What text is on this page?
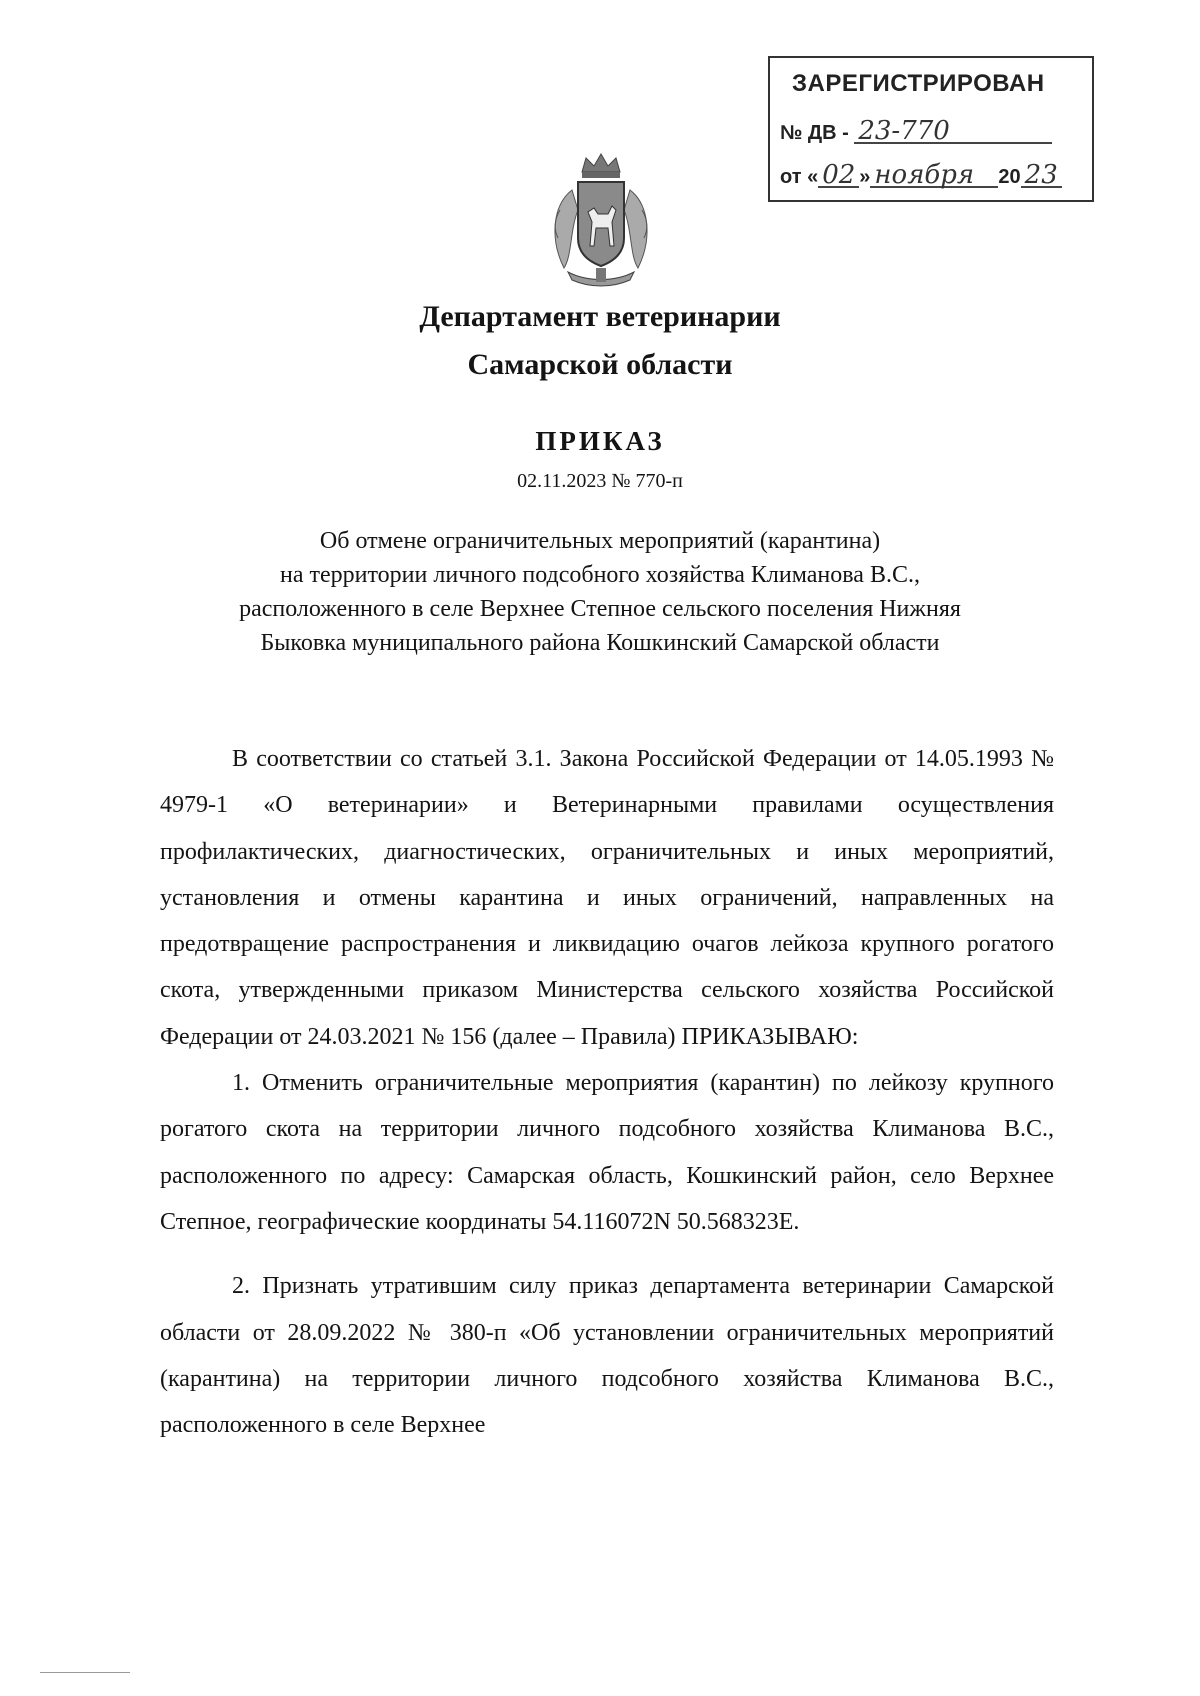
ЗАРЕГИСТРИРОВАН
№ ДВ - 23-770
от « 02 » ноября 20 23
Департамент ветеринарии
Самарской области
ПРИКАЗ
02.11.2023 № 770-п
Об отмене ограничительных мероприятий (карантина)
на территории личного подсобного хозяйства Климанова В.С.,
расположенного в селе Верхнее Степное сельского поселения Нижняя
Быковка муниципального района Кошкинский Самарской области

В соответствии со статьей 3.1. Закона Российской Федерации от 14.05.1993 № 4979-1 «О ветеринарии» и Ветеринарными правилами осуществления профилактических, диагностических, ограничительных и иных мероприятий, установления и отмены карантина и иных ограничений, направленных на предотвращение распространения и ликвидацию очагов лейкоза крупного рогатого скота, утвержденными приказом Министерства сельского хозяйства Российской Федерации от 24.03.2021 № 156 (далее – Правила) ПРИКАЗЫВАЮ:

1. Отменить ограничительные мероприятия (карантин) по лейкозу крупного рогатого скота на территории личного подсобного хозяйства Климанова В.С., расположенного по адресу: Самарская область, Кошкинский район, село Верхнее Степное, географические координаты 54.116072N 50.568323E.

2. Признать утратившим силу приказ департамента ветеринарии Самарской области от 28.09.2022 № 380-п «Об установлении ограничительных мероприятий (карантина) на территории личного подсобного хозяйства Климанова В.С., расположенного в селе Верхнее
